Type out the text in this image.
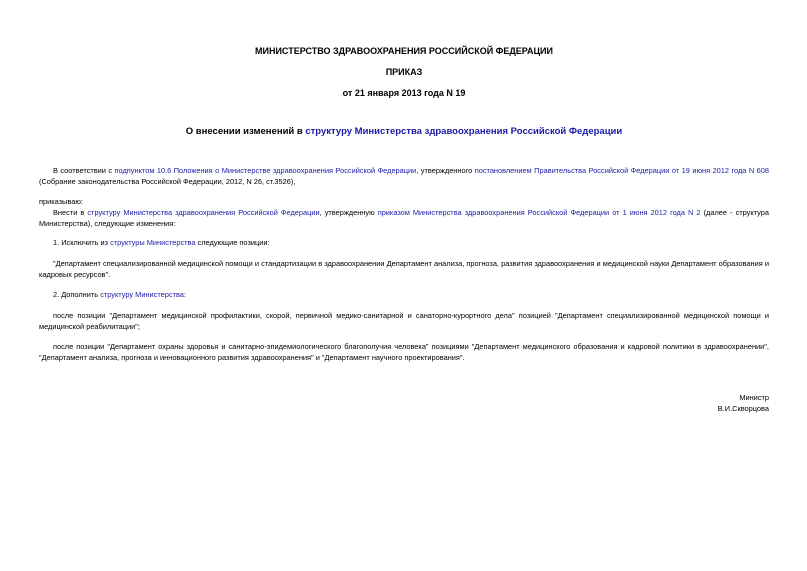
МИНИСТЕРСТВО ЗДРАВООХРАНЕНИЯ РОССИЙСКОЙ ФЕДЕРАЦИИ
ПРИКАЗ
от 21 января 2013 года N 19
О внесении изменений в структуру Министерства здравоохранения Российской Федерации
В соответствии с подпунктом 10.6 Положения о Министерстве здравоохранения Российской Федерации, утвержденного постановлением Правительства Российской Федерации от 19 июня 2012 года N 608 (Собрание законодательства Российской Федерации, 2012, N 26, ст.3526),
приказываю:
Внести в структуру Министерства здравоохранения Российской Федерации, утвержденную приказом Министерства здравоохранения Российской Федерации от 1 июня 2012 года N 2 (далее - структура Министерства), следующие изменения:
1. Исключить из структуры Министерства следующие позиции:
"Департамент специализированной медицинской помощи и стандартизации в здравоохранении Департамент анализа, прогноза, развития здравоохранения и медицинской науки Департамент образования и кадровых ресурсов".
2. Дополнить структуру Министерства:
после позиции "Департамент медицинской профилактики, скорой, первичной медико-санитарной и санаторно-курортного дела" позицией "Департамент специализированной медицинской помощи и медицинской реабилитации";
после позиции "Департамент охраны здоровья и санитарно-эпидемиологического благополучия человека" позициями "Департамент медицинского образования и кадровой политики в здравоохранении", "Департамент анализа, прогноза и инновационного развития здравоохранения" и "Департамент научного проектирования".
Министр
В.И.Скворцова
